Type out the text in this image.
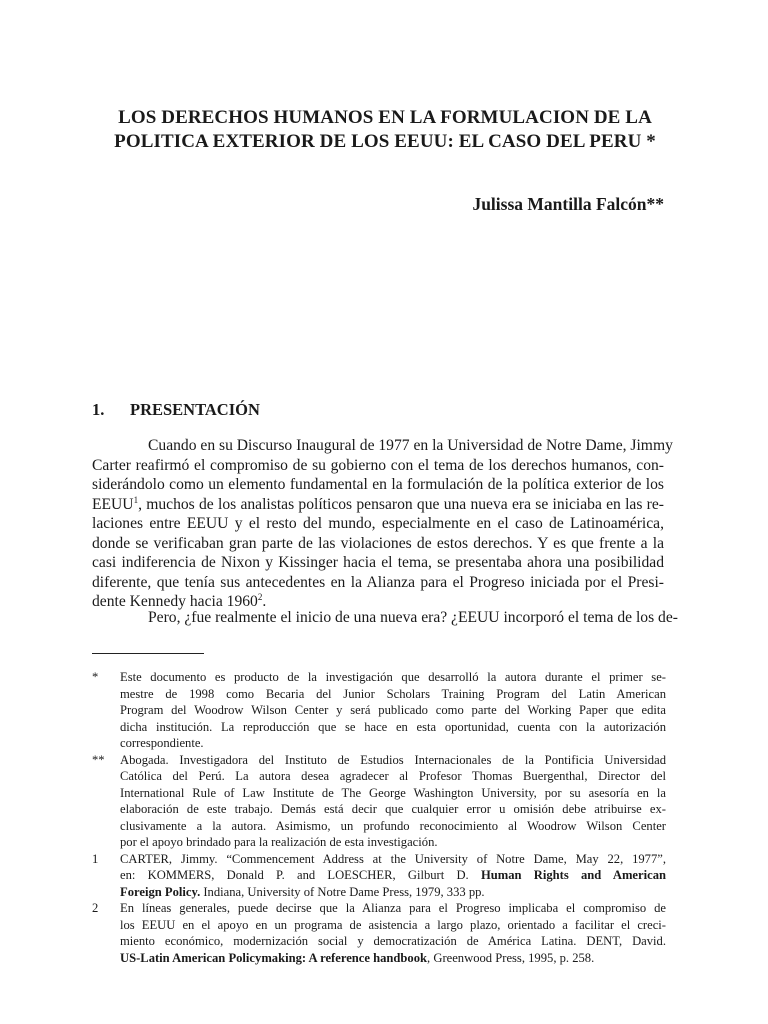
LOS DERECHOS HUMANOS EN LA FORMULACION DE LA
POLITICA EXTERIOR DE LOS EEUU: EL CASO DEL PERU *
Julissa Mantilla Falcón**
1. PRESENTACIÓN
Cuando en su Discurso Inaugural de 1977 en la Universidad de Notre Dame, Jimmy
Carter reafirmó el compromiso de su gobierno con el tema de los derechos humanos, con-
siderándolo como un elemento fundamental en la formulación de la política exterior de los
EEUU$^1$, muchos de los analistas políticos pensaron que una nueva era se iniciaba en las re-
laciones entre EEUU y el resto del mundo, especialmente en el caso de Latinoamérica,
donde se verificaban gran parte de las violaciones de estos derechos. Y es que frente a la
casi indiferencia de Nixon y Kissinger hacia el tema, se presentaba ahora una posibilidad
diferente, que tenía sus antecedentes en la Alianza para el Progreso iniciada por el Presi-
dente Kennedy hacia 1960$^2$.
Pero, ¿fue realmente el inicio de una nueva era? ¿EEUU incorporó el tema de los de-
*	Este documento es producto de la investigación que desarrolló la autora durante el primer se-
mestre de 1998 como Becaria del Junior Scholars Training Program del Latin American
Program del Woodrow Wilson Center y será publicado como parte del Working Paper que edita
dicha institución. La reproducción que se hace en esta oportunidad, cuenta con la autorización
correspondiente.
**	Abogada. Investigadora del Instituto de Estudios Internacionales de la Pontificia Universidad
Católica del Perú. La autora desea agradecer al Profesor Thomas Buergenthal, Director del
International Rule of Law Institute de The George Washington University, por su asesoría en la
elaboración de este trabajo. Demás está decir que cualquier error u omisión debe atribuirse ex-
clusivamente a la autora. Asimismo, un profundo reconocimiento al Woodrow Wilson Center
por el apoyo brindado para la realización de esta investigación.
1	CARTER, Jimmy. “Commencement Address at the University of Notre Dame, May 22, 1977”,
en: KOMMERS, Donald P. and LOESCHER, Gilburt D. Human Rights and American
Foreign Policy. Indiana, University of Notre Dame Press, 1979, 333 pp.
2	En líneas generales, puede decirse que la Alianza para el Progreso implicaba el compromiso de
los EEUU en el apoyo en un programa de asistencia a largo plazo, orientado a facilitar el creci-
miento económico, modernización social y democratización de América Latina. DENT, David.
US-Latin American Policymaking: A reference handbook, Greenwood Press, 1995, p. 258.
